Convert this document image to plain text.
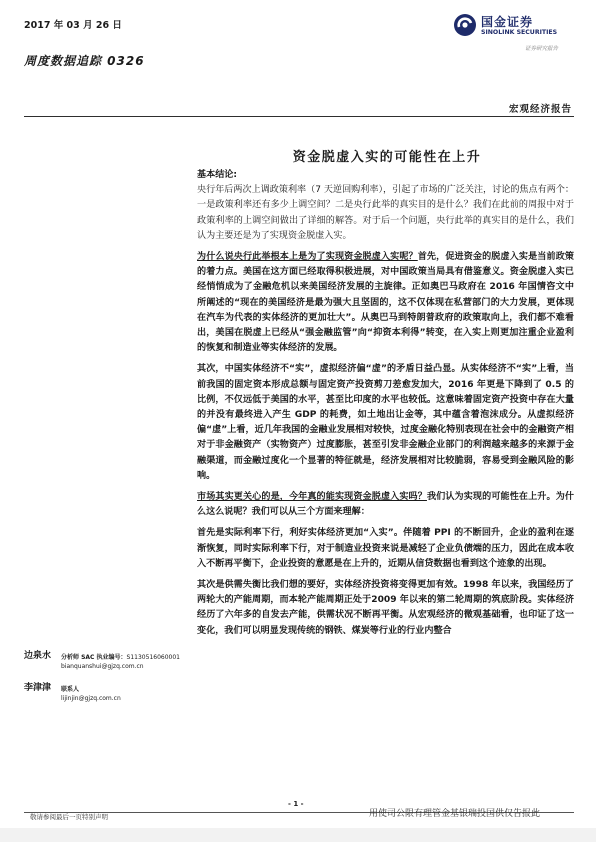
2017 年 03 月 26 日
周度数据追踪 0326
国金证券
SINOLINK SECURITIES
证券研究报告
宏观经济报告
资金脱虚入实的可能性在上升

基本结论:

央行年后两次上调政策利率（7 天逆回购利率），引起了市场的广泛关注，讨论的焦点有两个：一是政策利率还有多少上调空间？二是央行此举的真实目的是什么？我们在此前的周报中对于政策利率的上调空间做出了详细的解答。对于后一个问题，央行此举的真实目的是什么，我们认为主要还是为了实现资金脱虚入实。

为什么说央行此举根本上是为了实现资金脱虚入实呢？首先，促进资金的脱虚入实是当前政策的着力点。美国在这方面已经取得积极进展，对中国政策当局具有借鉴意义。资金脱虚入实已经悄悄成为了金融危机以来美国经济发展的主旋律。正如奥巴马政府在 2016 年国情咨文中所阐述的“现在的美国经济是最为强大且坚固的，这不仅体现在私营部门的大力发展，更体现在汽车为代表的实体经济的更加壮大”。从奥巴马到特朗普政府的政策取向上，我们都不难看出，美国在脱虚上已经从“强金融监管”向“抑资本利得”转变，在入实上则更加注重企业盈利的恢复和制造业等实体经济的发展。

其次，中国实体经济不“实”，虚拟经济偏“虚”的矛盾日益凸显。从实体经济不“实”上看，当前我国的固定资本形成总额与固定资产投资剪刀差愈发加大，2016 年更是下降到了 0.5 的比例，不仅远低于美国的水平，甚至比印度的水平也较低。这意味着固定资产投资中存在大量的并没有最终进入产生 GDP 的耗费，如土地出让金等，其中蕴含着泡沫成分。从虚拟经济偏“虚”上看，近几年我国的金融业发展相对较快，过度金融化特别表现在社会中的金融资产相对于非金融资产（实物资产）过度膨胀，甚至引发非金融企业部门的利润越来越多的来源于金融渠道，而金融过度化一个显著的特征就是，经济发展相对比较脆弱，容易受到金融风险的影响。

市场其实更关心的是，今年真的能实现资金脱虚入实吗？我们认为实现的可能性在上升。为什么这么说呢？我们可以从三个方面来理解：

首先是实际利率下行，利好实体经济更加“入实”。伴随着 PPI 的不断回升，企业的盈利在逐渐恢复，同时实际利率下行，对于制造业投资来说是减轻了企业负债端的压力，因此在成本收入不断再平衡下，企业投资的意愿是在上升的，近期从信贷数据也看到这个迹象的出现。

其次是供需失衡比我们想的要好，实体经济投资将变得更加有效。1998 年以来，我国经历了两轮大的产能周期，而本轮产能周期正处于2009 年以来的第二轮周期的筑底阶段。实体经济经历了六年多的自发去产能，供需状况不断再平衡。从宏观经济的微观基础看，也印证了这一变化，我们可以明显发现传统的钢铁、煤炭等行业的行业内整合

边泉水 分析师 SAC 执业编号：S1130516060001
bianquanshui@gjzq.com.cn
李津津 联系人
lijinjin@gjzq.com.cn
- 1 -
敬请参阅最后一页特别声明	用使司公限有理管金基银瑞投国供仅告报此
